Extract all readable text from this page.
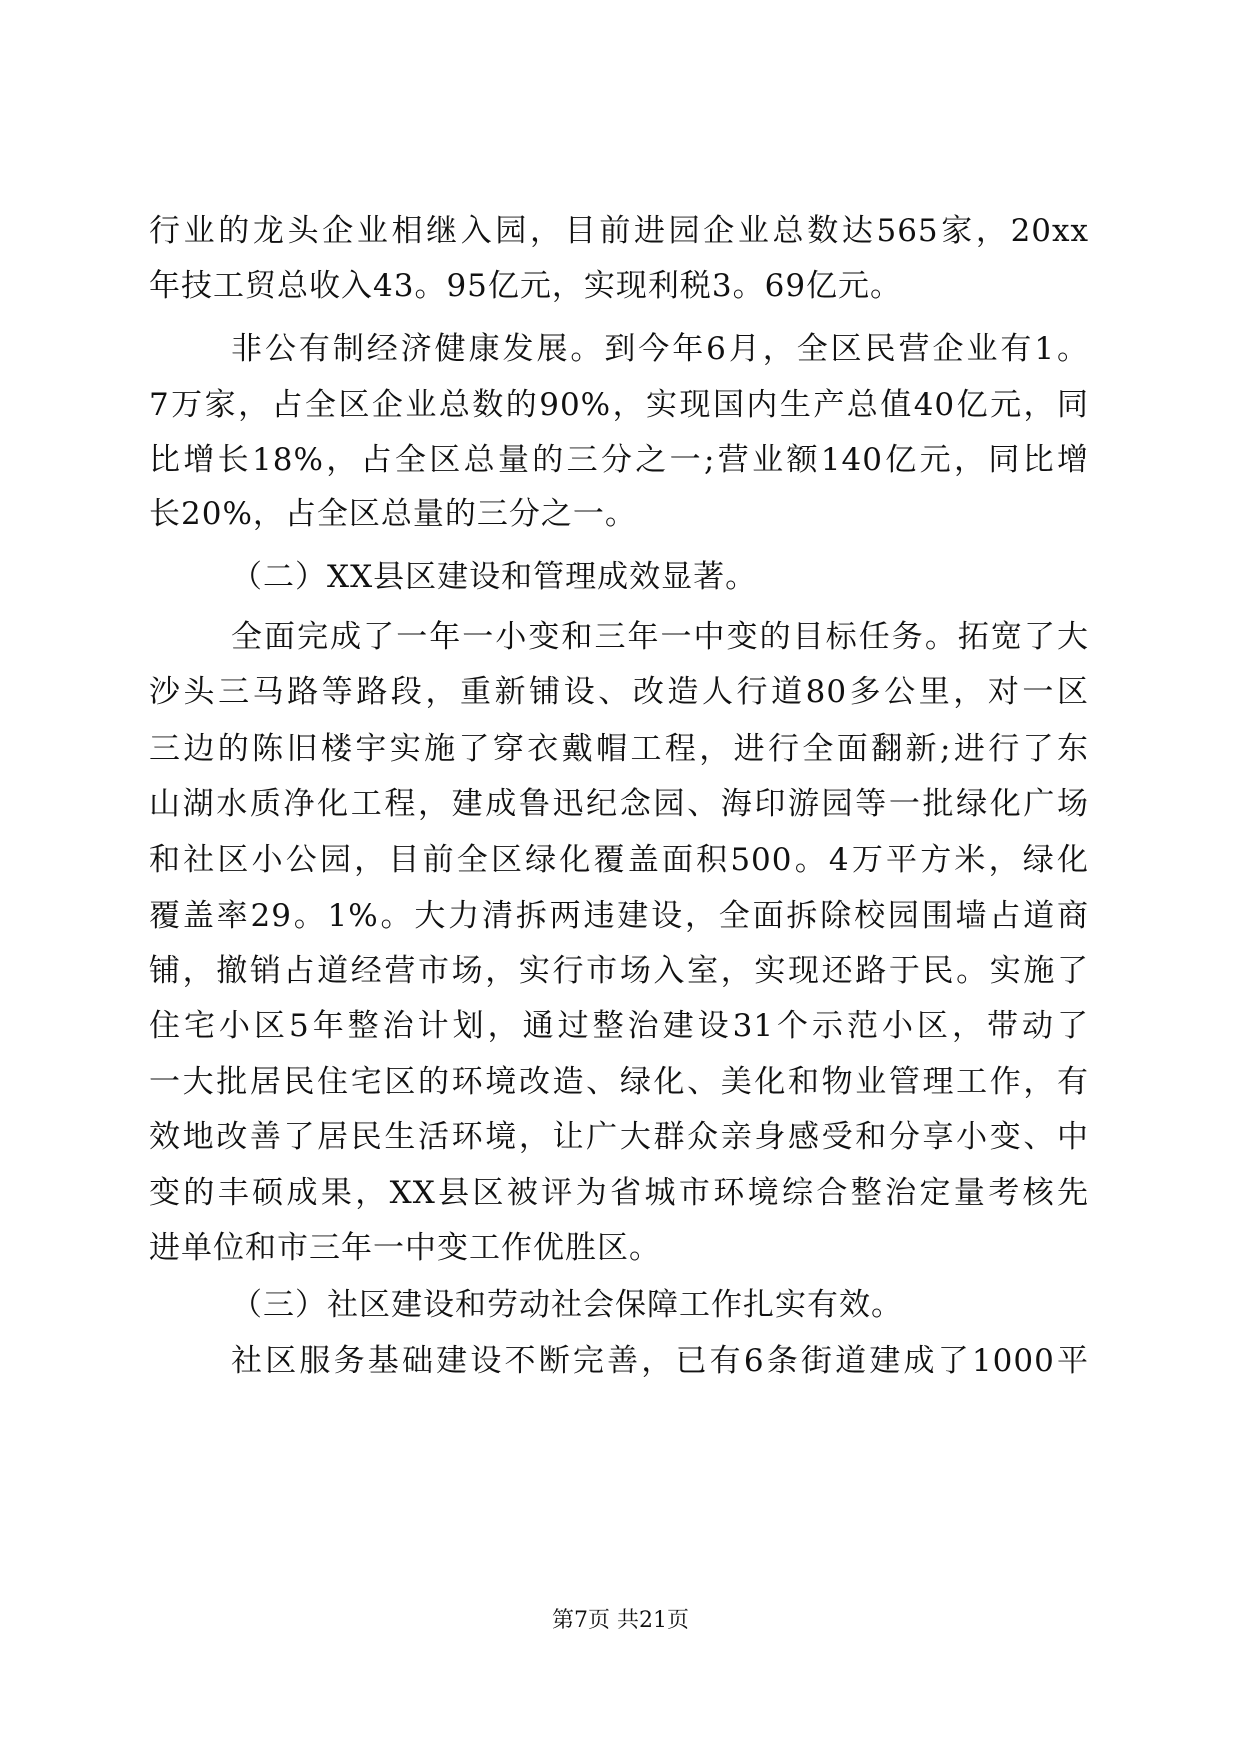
行业的龙头企业相继入园，目前进园企业总数达565家，20xx
年技工贸总收入43。95亿元，实现利税3。69亿元。
非公有制经济健康发展。到今年6月，全区民营企业有1。
7万家，占全区企业总数的90%，实现国内生产总值40亿元，同
比增长18%，占全区总量的三分之一;营业额140亿元，同比增
长20%，占全区总量的三分之一。
（二）XX县区建设和管理成效显著。
全面完成了一年一小变和三年一中变的目标任务。拓宽了大
沙头三马路等路段，重新铺设、改造人行道80多公里，对一区
三边的陈旧楼宇实施了穿衣戴帽工程，进行全面翻新;进行了东
山湖水质净化工程，建成鲁迅纪念园、海印游园等一批绿化广场
和社区小公园，目前全区绿化覆盖面积500。4万平方米，绿化
覆盖率29。1%。大力清拆两违建设，全面拆除校园围墙占道商
铺，撤销占道经营市场，实行市场入室，实现还路于民。实施了
住宅小区5年整治计划，通过整治建设31个示范小区，带动了
一大批居民住宅区的环境改造、绿化、美化和物业管理工作，有
效地改善了居民生活环境，让广大群众亲身感受和分享小变、中
变的丰硕成果，XX县区被评为省城市环境综合整治定量考核先
进单位和市三年一中变工作优胜区。
（三）社区建设和劳动社会保障工作扎实有效。
社区服务基础建设不断完善，已有6条街道建成了1000平
第7页 共21页
